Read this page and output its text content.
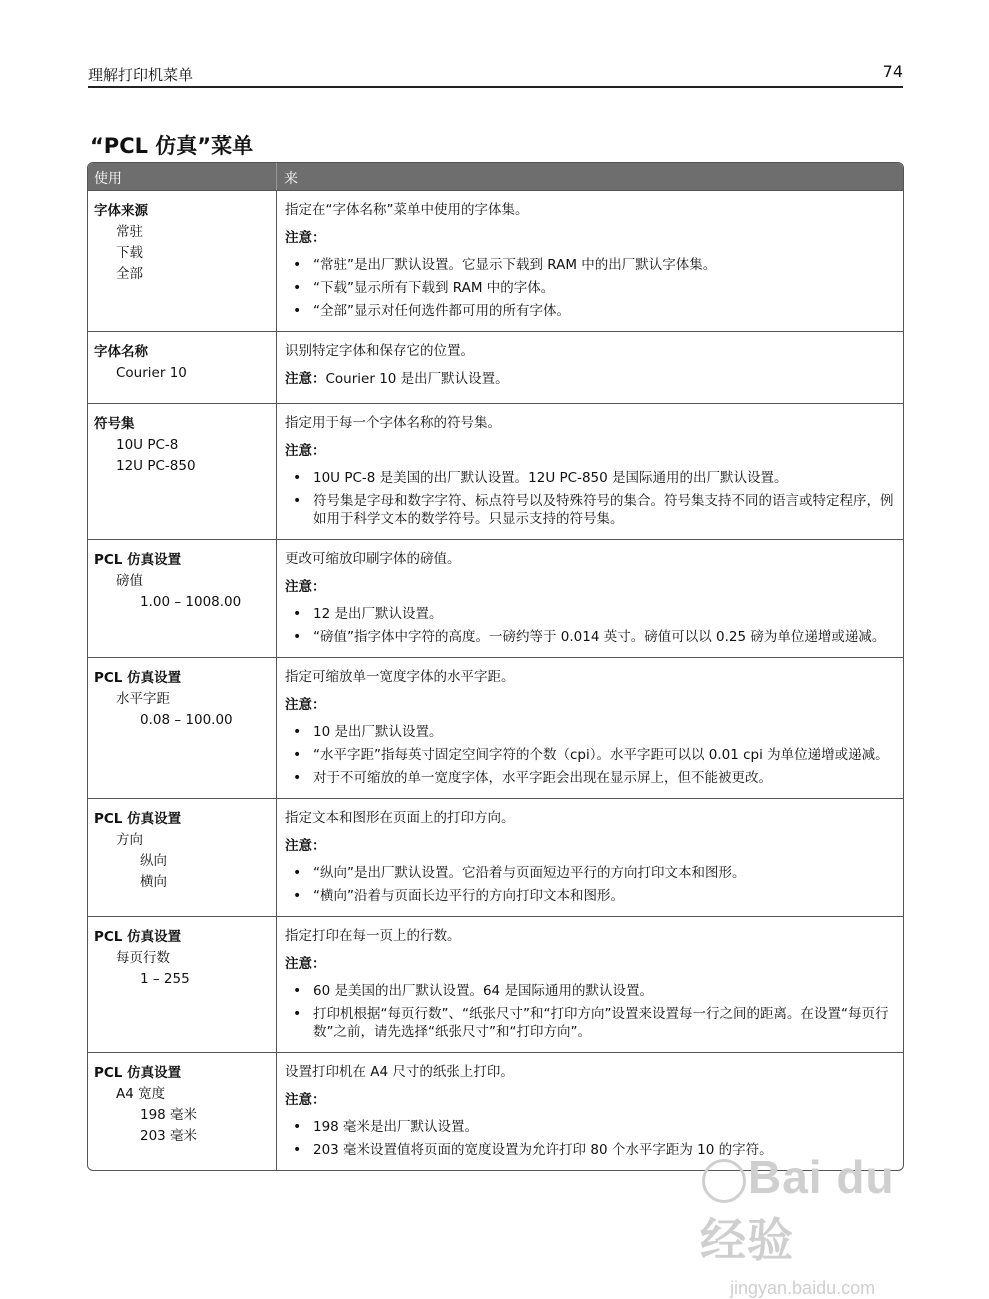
理解打印机菜单	74
“PCL 仿真”菜单
使用	来
字体来源
常驻
下载
全部
指定在“字体名称”菜单中使用的字体集。
注意：
• “常驻”是出厂默认设置。它显示下载到 RAM 中的出厂默认字体集。
• “下载”显示所有下载到 RAM 中的字体。
• “全部”显示对任何选件都可用的所有字体。
字体名称
Courier 10
识别特定字体和保存它的位置。
注意：Courier 10 是出厂默认设置。
符号集
10U PC-8
12U PC-850
指定用于每一个字体名称的符号集。
注意：
• 10U PC-8 是美国的出厂默认设置。12U PC-850 是国际通用的出厂默认设置。
• 符号集是字母和数字字符、标点符号以及特殊符号的集合。符号集支持不同的语言或特定程序，例如用于科学文本的数学符号。只显示支持的符号集。
PCL 仿真设置
磅值
1.00 – 1008.00
更改可缩放印刷字体的磅值。
注意：
• 12 是出厂默认设置。
• “磅值”指字体中字符的高度。一磅约等于 0.014 英寸。磅值可以以 0.25 磅为单位递增或递减。
PCL 仿真设置
水平字距
0.08 – 100.00
指定可缩放单一宽度字体的水平字距。
注意：
• 10 是出厂默认设置。
• “水平字距”指每英寸固定空间字符的个数（cpi）。水平字距可以以 0.01 cpi 为单位递增或递减。
• 对于不可缩放的单一宽度字体，水平字距会出现在显示屏上，但不能被更改。
PCL 仿真设置
方向
纵向
横向
指定文本和图形在页面上的打印方向。
注意：
• “纵向”是出厂默认设置。它沿着与页面短边平行的方向打印文本和图形。
• “横向”沿着与页面长边平行的方向打印文本和图形。
PCL 仿真设置
每页行数
1 – 255
指定打印在每一页上的行数。
注意：
• 60 是美国的出厂默认设置。64 是国际通用的默认设置。
• 打印机根据“每页行数”、“纸张尺寸”和“打印方向”设置来设置每一行之间的距离。在设置“每页行数”之前，请先选择“纸张尺寸”和“打印方向”。
PCL 仿真设置
A4 宽度
198 毫米
203 毫米
设置打印机在 A4 尺寸的纸张上打印。
注意：
• 198 毫米是出厂默认设置。
• 203 毫米设置值将页面的宽度设置为允许打印 80 个水平字距为 10 的字符。
Bai du 经验
jingyan.baidu.com
